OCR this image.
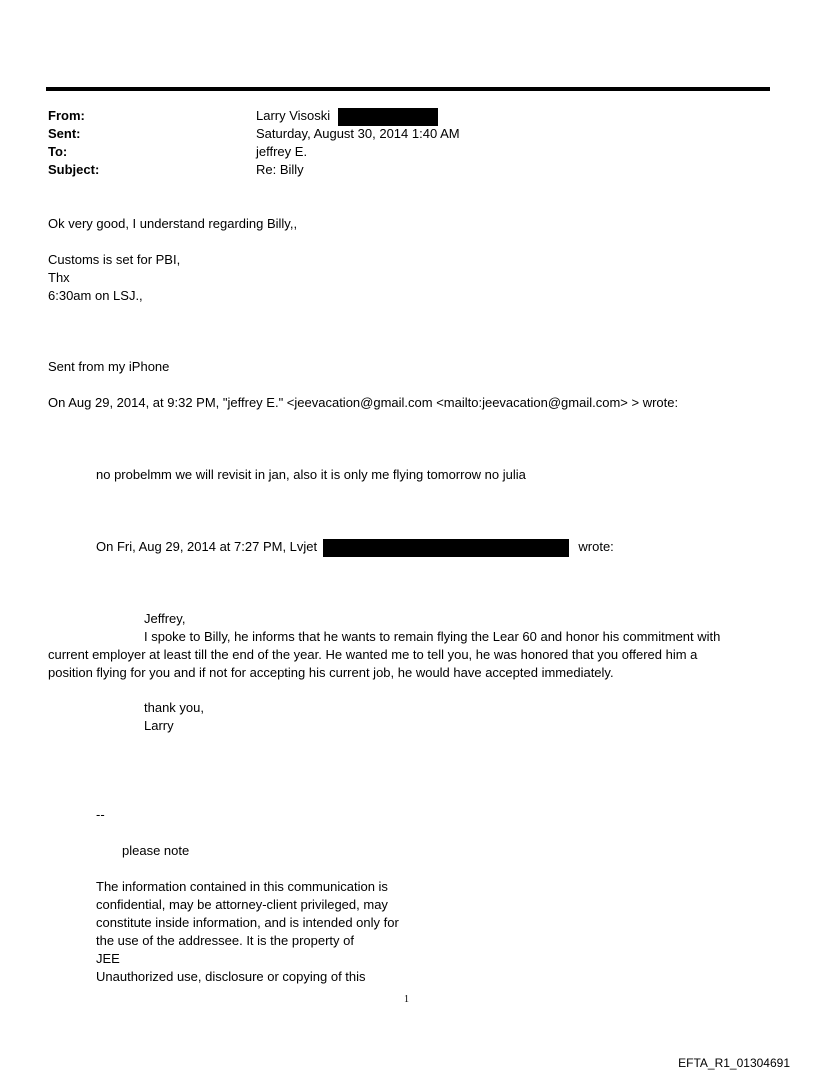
From:	Larry Visoski
Sent:	Saturday, August 30, 2014 1:40 AM
To:	jeffrey E.
Subject:	Re: Billy
Ok very good, I understand regarding Billy,,
Customs is set for PBI,
Thx
6:30am on LSJ.,
Sent from my iPhone
On Aug 29, 2014, at 9:32 PM, "jeffrey E." <jeevacation@gmail.com <mailto:jeevacation@gmail.com> > wrote:
no probelmm we will revisit in jan, also it is only me flying tomorrow no julia
On Fri, Aug 29, 2014 at 7:27 PM, Lvjet	wrote:
Jeffrey,
I spoke to Billy, he informs that he wants to remain flying the Lear 60 and honor his commitment with
current employer at least till the end of the year. He wanted me to tell you, he was honored that you offered him a
position flying for you and if not for accepting his current job, he would have accepted immediately.
thank you,
Larry
--
please note
The information contained in this communication is
confidential, may be attorney-client privileged, may
constitute inside information, and is intended only for
the use of the addressee. It is the property of
JEE
Unauthorized use, disclosure or copying of this
1
EFTA_R1_01304691
